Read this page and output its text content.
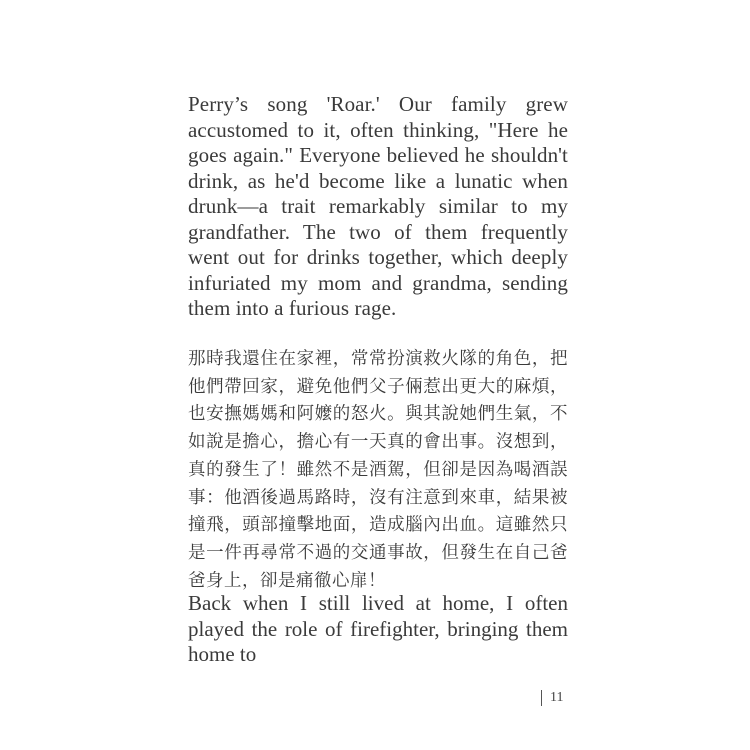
Perry’s song 'Roar.' Our family grew accustomed to it, often thinking, "Here he goes again." Everyone believed he shouldn't drink, as he'd become like a lunatic when drunk—a trait remarkably similar to my grandfather. The two of them frequently went out for drinks together, which deeply infuriated my mom and grandma, sending them into a furious rage.

那時我還住在家裡，常常扮演救火隊的角色，把他們帶回家，避免他們父子倆惹出更大的麻煩，也安撫媽媽和阿嬤的怒火。與其說她們生氣，不如說是擔心，擔心有一天真的會出事。沒想到，真的發生了！雖然不是酒駕，但卻是因為喝酒誤事：他酒後過馬路時，沒有注意到來車，結果被撞飛，頭部撞擊地面，造成腦內出血。這雖然只是一件再尋常不過的交通事故，但發生在自己爸爸身上，卻是痛徹心扉！

Back when I still lived at home, I often played the role of firefighter, bringing them home to

11
